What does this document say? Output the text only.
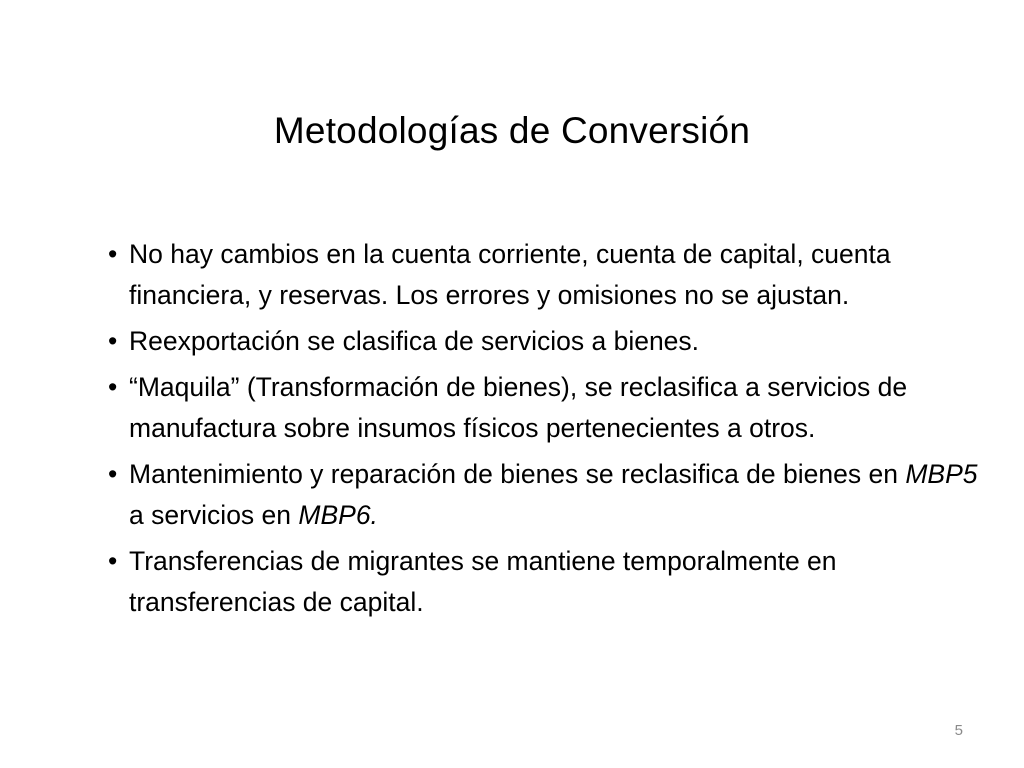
Metodologías de Conversión
• No hay cambios en la cuenta corriente, cuenta de capital, cuenta financiera, y reservas. Los errores y omisiones no se ajustan.
• Reexportación se clasifica de servicios a bienes.
• “Maquila” (Transformación de bienes), se reclasifica a servicios de manufactura sobre insumos físicos pertenecientes a otros.
• Mantenimiento y reparación de bienes se reclasifica de bienes en MBP5 a servicios en MBP6.
• Transferencias de migrantes se mantiene temporalmente en transferencias de capital.
5
